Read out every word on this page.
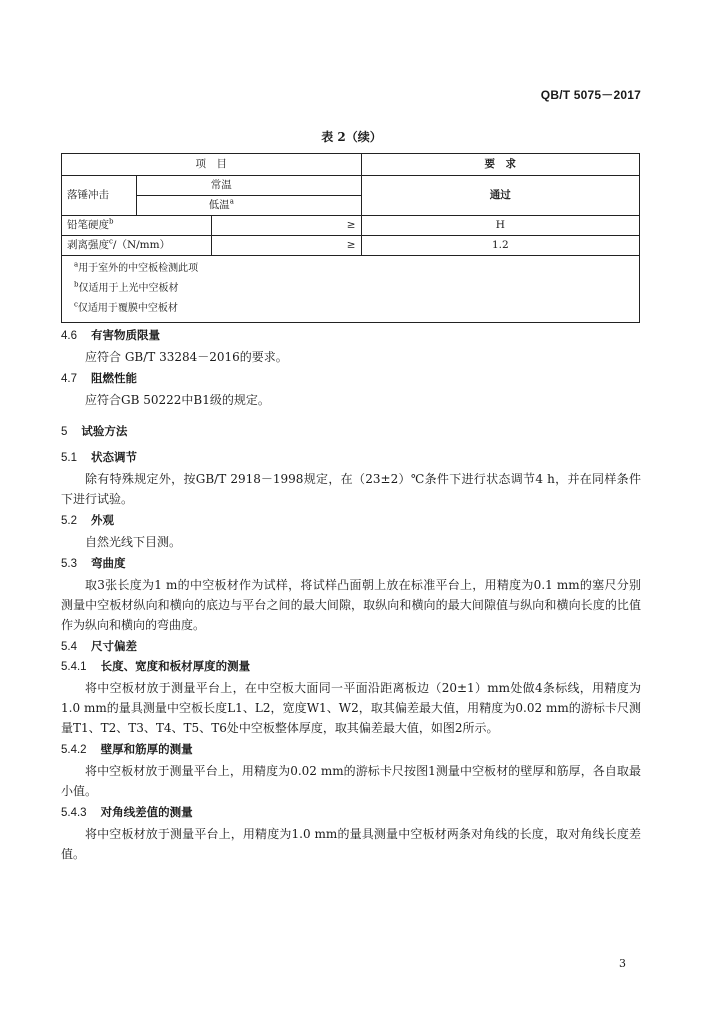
QB/T 5075－2017
表 2（续）
项　目			要　求
落锤冲击	常温		通过
	低温$^a$
铅笔硬度$^b$		≥	H
剥离强度$^c$/（N/mm）		≥	1.2

$^a$用于室外的中空板检测此项
$^b$仅适用于上光中空板材
$^c$仅适用于覆膜中空板材			
4.6 有害物质限量
应符合 GB/T 33284－2016的要求。
4.7 阻燃性能
应符合GB 50222中B1级的规定。
5 试验方法
5.1 状态调节
除有特殊规定外，按GB/T 2918－1998规定，在（23±2）℃条件下进行状态调节4 h，并在同样条件下进行试验。
5.2 外观
自然光线下目测。
5.3 弯曲度
取3张长度为1 m的中空板材作为试样，将试样凸面朝上放在标准平台上，用精度为0.1 mm的塞尺分别测量中空板材纵向和横向的底边与平台之间的最大间隙，取纵向和横向的最大间隙值与纵向和横向长度的比值作为纵向和横向的弯曲度。
5.4 尺寸偏差
5.4.1 长度、宽度和板材厚度的测量
将中空板材放于测量平台上，在中空板大面同一平面沿距离板边（20±1）mm处做4条标线，用精度为1.0 mm的量具测量中空板长度L1、L2，宽度W1、W2，取其偏差最大值，用精度为0.02 mm的游标卡尺测量T1、T2、T3、T4、T5、T6处中空板整体厚度，取其偏差最大值，如图2所示。
5.4.2 壁厚和筋厚的测量
将中空板材放于测量平台上，用精度为0.02 mm的游标卡尺按图1测量中空板材的壁厚和筋厚，各自取最小值。
5.4.3 对角线差值的测量
将中空板材放于测量平台上，用精度为1.0 mm的量具测量中空板材两条对角线的长度，取对角线长度差值。
3
